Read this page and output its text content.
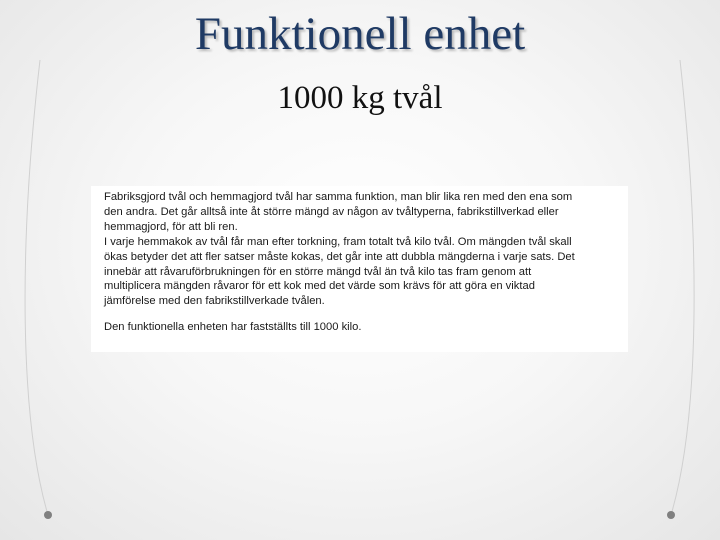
Funktionell enhet
1000 kg tvål

Fabriksgjord tvål och hemmagjord tvål har samma funktion, man blir lika ren med den ena som
den andra. Det går alltså inte åt större mängd av någon av tvåltyperna, fabrikstillverkad eller
hemmagjord, för att bli ren.
I varje hemmakok av tvål får man efter torkning, fram totalt två kilo tvål. Om mängden tvål skall
ökas betyder det att fler satser måste kokas, det går inte att dubbla mängderna i varje sats. Det
innebär att råvaruförbrukningen för en större mängd tvål än två kilo tas fram genom att
multiplicera mängden råvaror för ett kok med det värde som krävs för att göra en viktad
jämförelse med den fabrikstillverkade tvålen.

Den funktionella enheten har fastställts till 1000 kilo.
